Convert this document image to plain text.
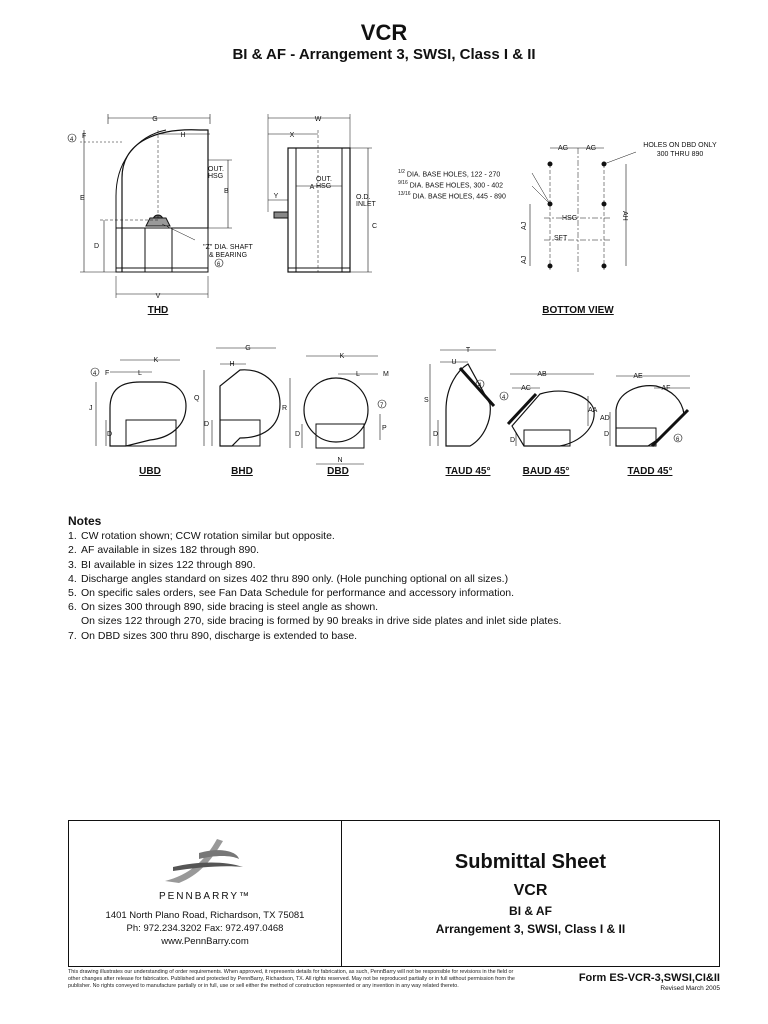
VCR
BI & AF - Arrangement 3, SWSI, Class I & II
G
H
F
E
D
B
V
6
4
W
X
A
Y
C
AG	AG
AH
AJ
AJ
HSG
SFT
K
L
F
J
D
4
G
H
Q
D
K
L	M
R
D
P
N
7
T
U
S
D
4
AB
AC
AA
D
4
AE
AF
AD
D
6
OUT.
HSG
"Z" DIA. SHAFT
& BEARING
OUT.
HSG
O.D.
INLET
$^{1/2}$ DIA. BASE HOLES, 122 - 270
$^{9/16}$ DIA. BASE HOLES, 300 - 402
$^{13/16}$ DIA. BASE HOLES, 445 - 890
HOLES ON DBD ONLY
300 THRU 890
THD	BOTTOM VIEW
UBD	BHD	DBD	TAUD 45°	BAUD 45°	TADD 45°
Notes
1. CW rotation shown; CCW rotation similar but opposite.
2. AF available in sizes 182 through 890.
3. BI available in sizes 122 through 890.
4. Discharge angles standard on sizes 402 thru 890 only. (Hole punching optional on all sizes.)
5. On specific sales orders, see Fan Data Schedule for performance and accessory information.
6. On sizes 300 through 890, side bracing is steel angle as shown.
On sizes 122 through 270, side bracing is formed by 90 breaks in drive side plates and inlet side plates.
7. On DBD sizes 300 thru 890, discharge is extended to base.
PENNBARRY™
1401 North Plano Road, Richardson, TX 75081
Ph: 972.234.3202 Fax: 972.497.0468
www.PennBarry.com
Submittal Sheet
VCR
BI & AF
Arrangement 3, SWSI, Class I & II
This drawing illustrates our understanding of order requirements. When approved, it represents details for fabrication, as such, PennBarry will not be responsible for revisions in the field or other changes after release for fabrication. Published and protected by PennBarry, Richardson, TX. All rights reserved. May not be reproduced partially or in full without permission from the publisher. No rights conveyed to manufacture partially or in full, use or sell either the method of construction represented or any invention in any way related thereto.
Form ES-VCR-3,SWSI,CI&II
Revised March 2005
